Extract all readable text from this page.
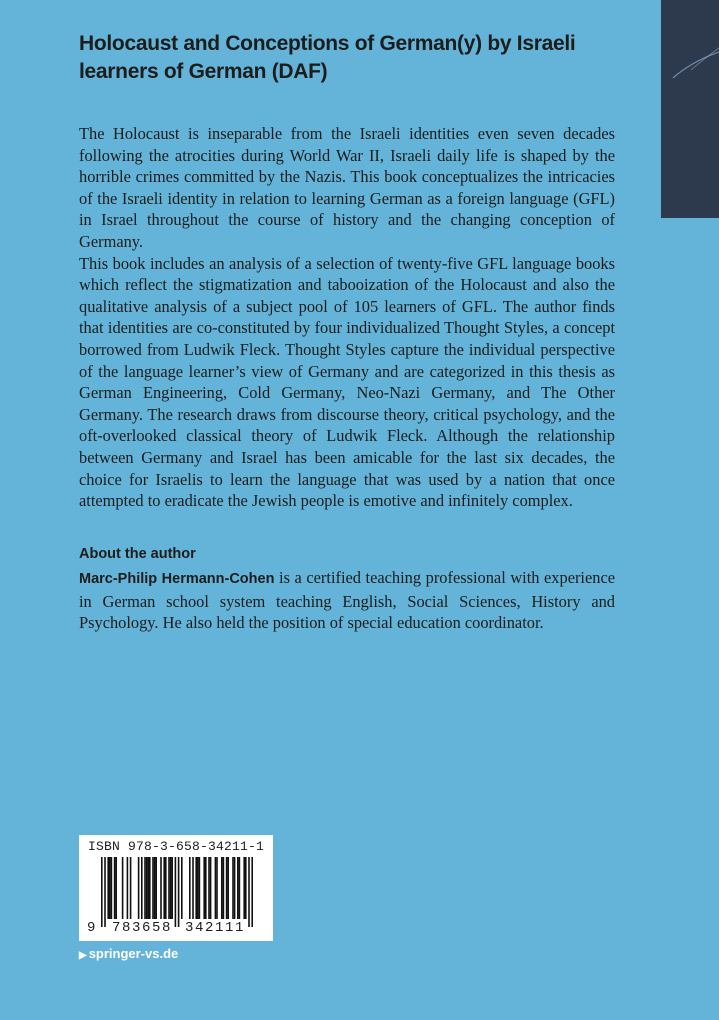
Holocaust and Conceptions of German(y) by Israeli learners of German (DAF)

The Holocaust is inseparable from the Israeli identities even seven decades following the atrocities during World War II, Israeli daily life is shaped by the horrible crimes committed by the Nazis. This book conceptualizes the intricacies of the Israeli identity in relation to learning German as a foreign language (GFL) in Israel throughout the course of history and the changing conception of Germany.

This book includes an analysis of a selection of twenty-five GFL language books which reflect the stigmatization and tabooization of the Holocaust and also the qualitative analysis of a subject pool of 105 learners of GFL. The author finds that identities are co-constituted by four individualized Thought Styles, a concept borrowed from Ludwik Fleck. Thought Styles capture the individual perspective of the language learner’s view of Germany and are categorized in this thesis as German Engineering, Cold Germany, Neo-Nazi Germany, and The Other Germany. The research draws from discourse theory, critical psychology, and the oft-overlooked classical theory of Ludwik Fleck. Although the relationship between Germany and Israel has been amicable for the last six decades, the choice for Israelis to learn the language that was used by a nation that once attempted to eradicate the Jewish people is emotive and infinitely complex.

About the author

Marc-Philip Hermann-Cohen is a certified teaching professional with experience in German school system teaching English, Social Sciences, History and Psychology. He also held the position of special education coordinator.

ISBN 978-3-658-34211-1
9 783658 342111
▶ springer-vs.de
